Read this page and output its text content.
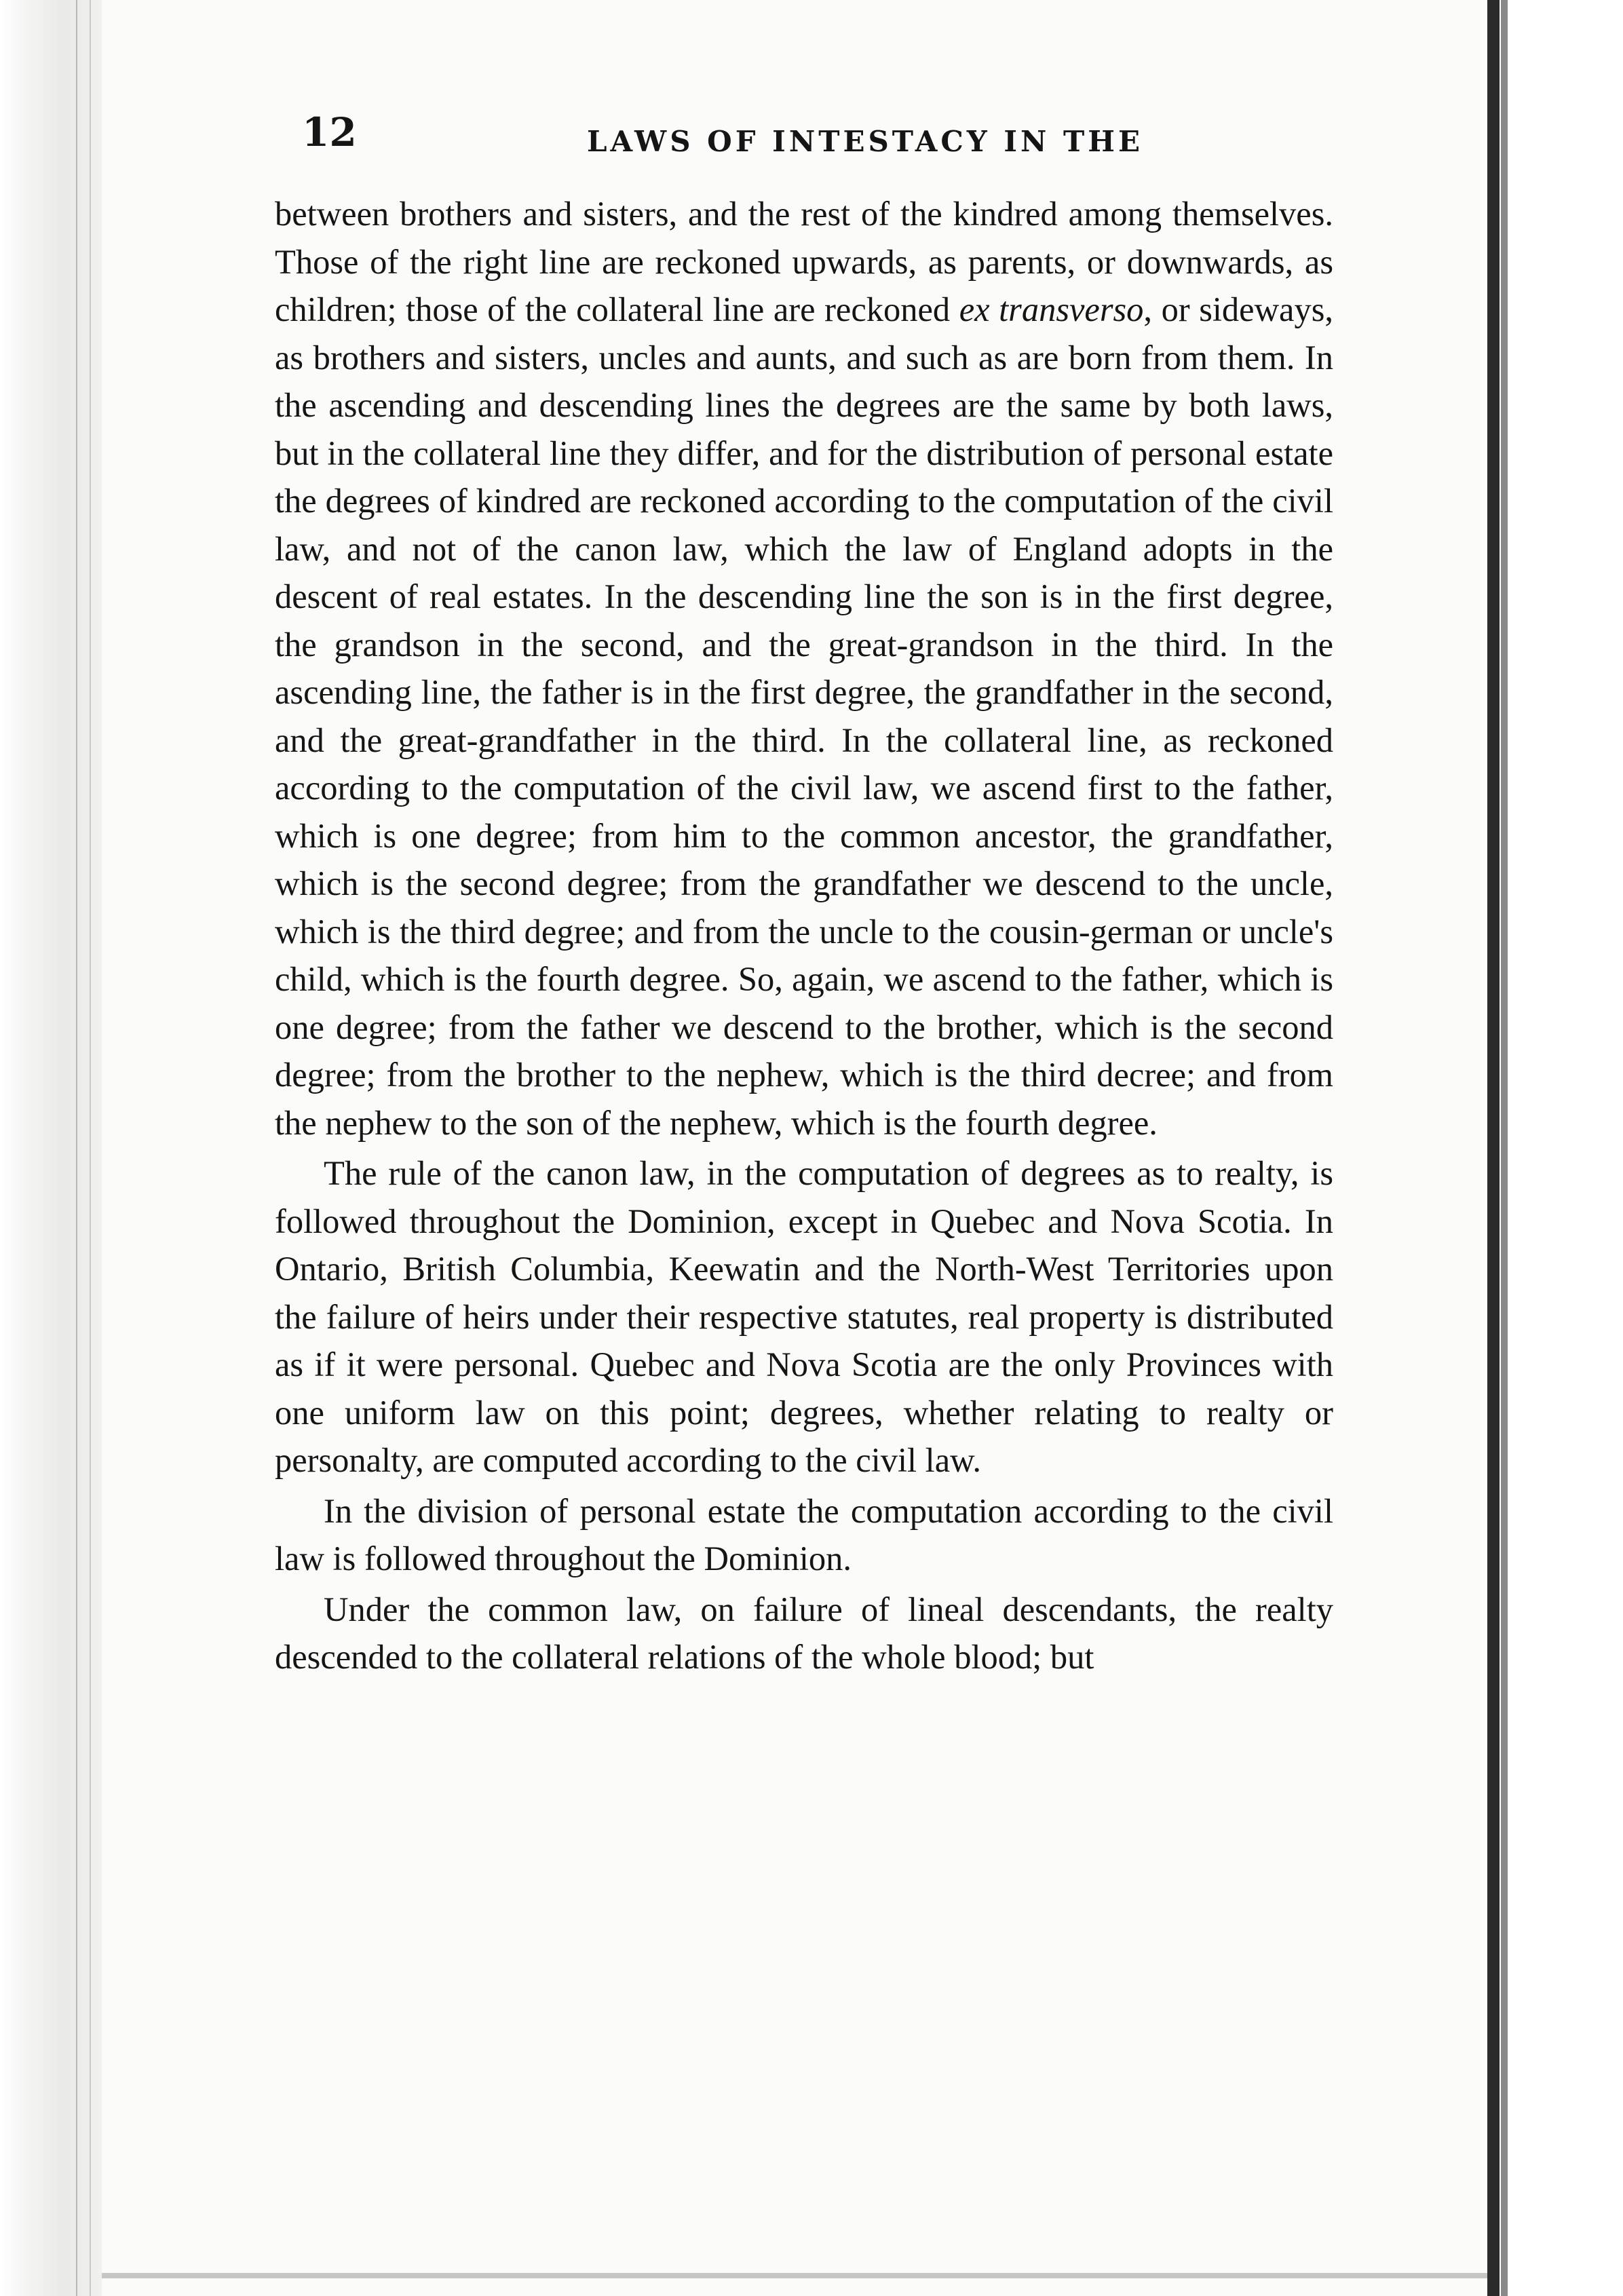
12	LAWS OF INTESTACY IN THE

between brothers and sisters, and the rest of the kindred among themselves. Those of the right line are reckoned upwards, as parents, or downwards, as children; those of the collateral line are reckoned ex transverso, or sideways, as brothers and sisters, uncles and aunts, and such as are born from them. In the ascending and descending lines the degrees are the same by both laws, but in the collateral line they differ, and for the distribution of personal estate the degrees of kindred are reckoned according to the computation of the civil law, and not of the canon law, which the law of England adopts in the descent of real estates. In the descending line the son is in the first degree, the grandson in the second, and the great-grandson in the third. In the ascending line, the father is in the first degree, the grandfather in the second, and the great-grandfather in the third. In the collateral line, as reckoned according to the computation of the civil law, we ascend first to the father, which is one degree; from him to the common ancestor, the grandfather, which is the second degree; from the grandfather we descend to the uncle, which is the third degree; and from the uncle to the cousin-german or uncle's child, which is the fourth degree. So, again, we ascend to the father, which is one degree; from the father we descend to the brother, which is the second degree; from the brother to the nephew, which is the third decree; and from the nephew to the son of the nephew, which is the fourth degree.

The rule of the canon law, in the computation of degrees as to realty, is followed throughout the Dominion, except in Quebec and Nova Scotia. In Ontario, British Columbia, Keewatin and the North-West Territories upon the failure of heirs under their respective statutes, real property is distributed as if it were personal. Quebec and Nova Scotia are the only Provinces with one uniform law on this point; degrees, whether relating to realty or personalty, are computed according to the civil law.

In the division of personal estate the computation according to the civil law is followed throughout the Dominion.

Under the common law, on failure of lineal descendants, the realty descended to the collateral relations of the whole blood; but
